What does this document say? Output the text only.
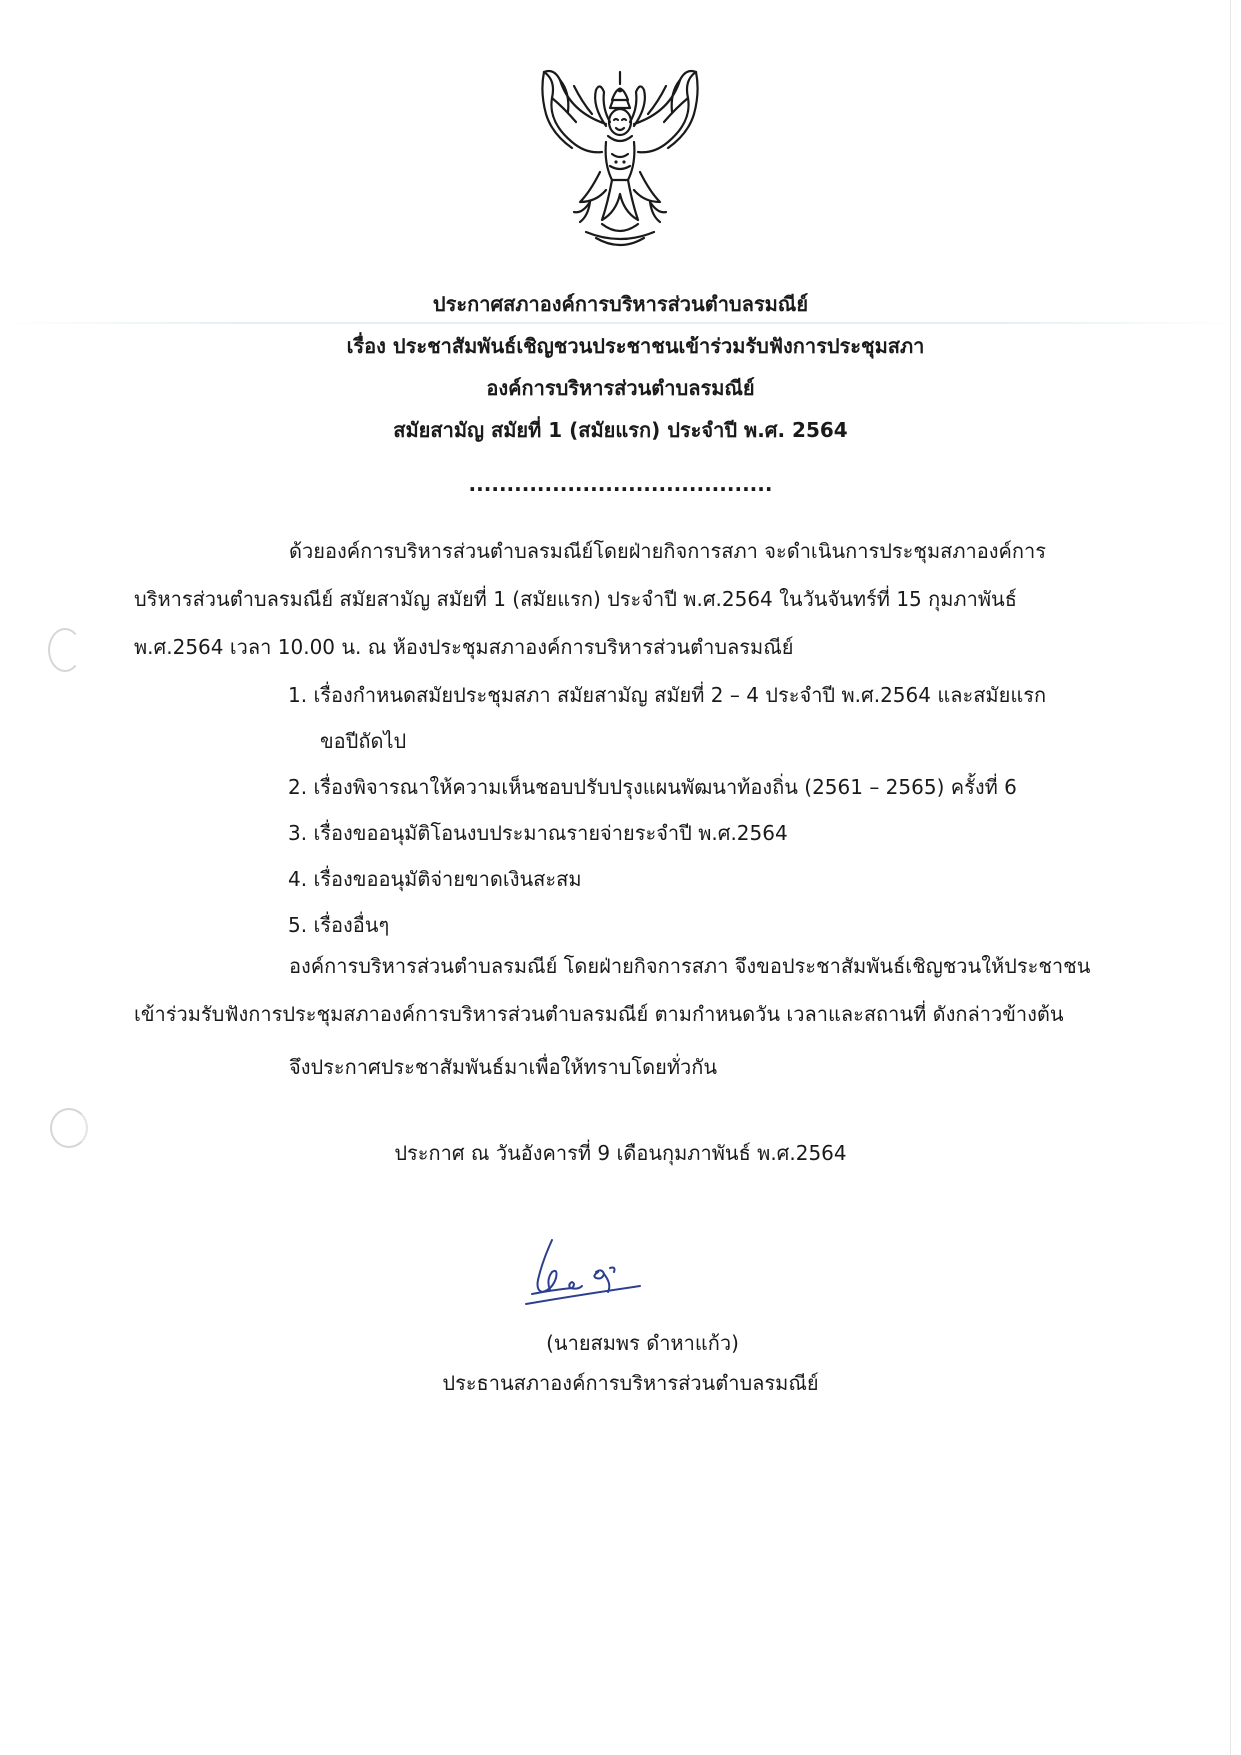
ประกาศสภาองค์การบริหารส่วนตำบลรมณีย์
เรื่อง ประชาสัมพันธ์เชิญชวนประชาชนเข้าร่วมรับฟังการประชุมสภา
องค์การบริหารส่วนตำบลรมณีย์
สมัยสามัญ สมัยที่ 1 (สมัยแรก) ประจำปี พ.ศ. 2564
........................................
ด้วยองค์การบริหารส่วนตำบลรมณีย์โดยฝ่ายกิจการสภา จะดำเนินการประชุมสภาองค์การ
บริหารส่วนตำบลรมณีย์ สมัยสามัญ สมัยที่ 1 (สมัยแรก) ประจำปี พ.ศ.2564 ในวันจันทร์ที่ 15 กุมภาพันธ์
พ.ศ.2564 เวลา 10.00 น. ณ ห้องประชุมสภาองค์การบริหารส่วนตำบลรมณีย์
1. เรื่องกำหนดสมัยประชุมสภา สมัยสามัญ สมัยที่ 2 – 4 ประจำปี พ.ศ.2564 และสมัยแรก
ขอปีถัดไป
2. เรื่องพิจารณาให้ความเห็นชอบปรับปรุงแผนพัฒนาท้องถิ่น (2561 – 2565) ครั้งที่ 6
3. เรื่องขออนุมัติโอนงบประมาณรายจ่ายระจำปี พ.ศ.2564
4. เรื่องขออนุมัติจ่ายขาดเงินสะสม
5. เรื่องอื่นๆ
องค์การบริหารส่วนตำบลรมณีย์ โดยฝ่ายกิจการสภา จึงขอประชาสัมพันธ์เชิญชวนให้ประชาชน
เข้าร่วมรับฟังการประชุมสภาองค์การบริหารส่วนตำบลรมณีย์ ตามกำหนดวัน เวลาและสถานที่ ดังกล่าวข้างต้น
จึงประกาศประชาสัมพันธ์มาเพื่อให้ทราบโดยทั่วกัน
ประกาศ ณ วันอังคารที่ 9 เดือนกุมภาพันธ์ พ.ศ.2564
(นายสมพร ดำหาแก้ว)
ประธานสภาองค์การบริหารส่วนตำบลรมณีย์
